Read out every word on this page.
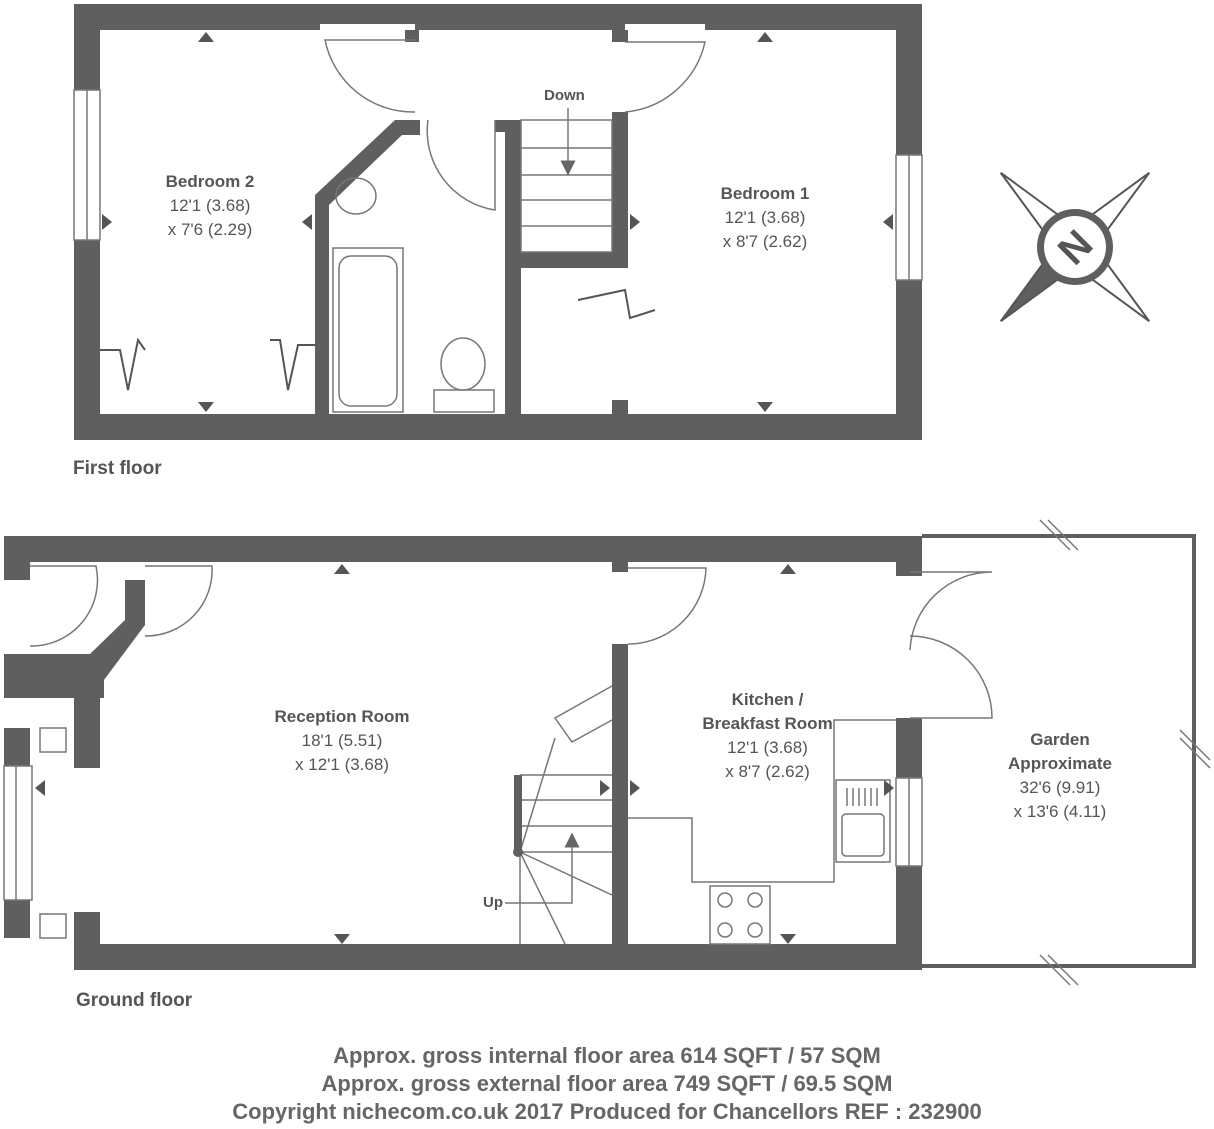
N
Bedroom 2
12'1 (3.68)
x 7'6 (2.29)
Bedroom 1
12'1 (3.68)
x 8'7 (2.62)
Down
First floor
Reception Room
18'1 (5.51)
x 12'1 (3.68)
Kitchen /
Breakfast Room
12'1 (3.68)
x 8'7 (2.62)
Garden
Approximate
32'6 (9.91)
x 13'6 (4.11)
Up
Ground floor
Approx. gross internal floor area 614 SQFT / 57 SQM
Approx. gross external floor area 749 SQFT / 69.5 SQM
Copyright nichecom.co.uk 2017 Produced for Chancellors REF : 232900
